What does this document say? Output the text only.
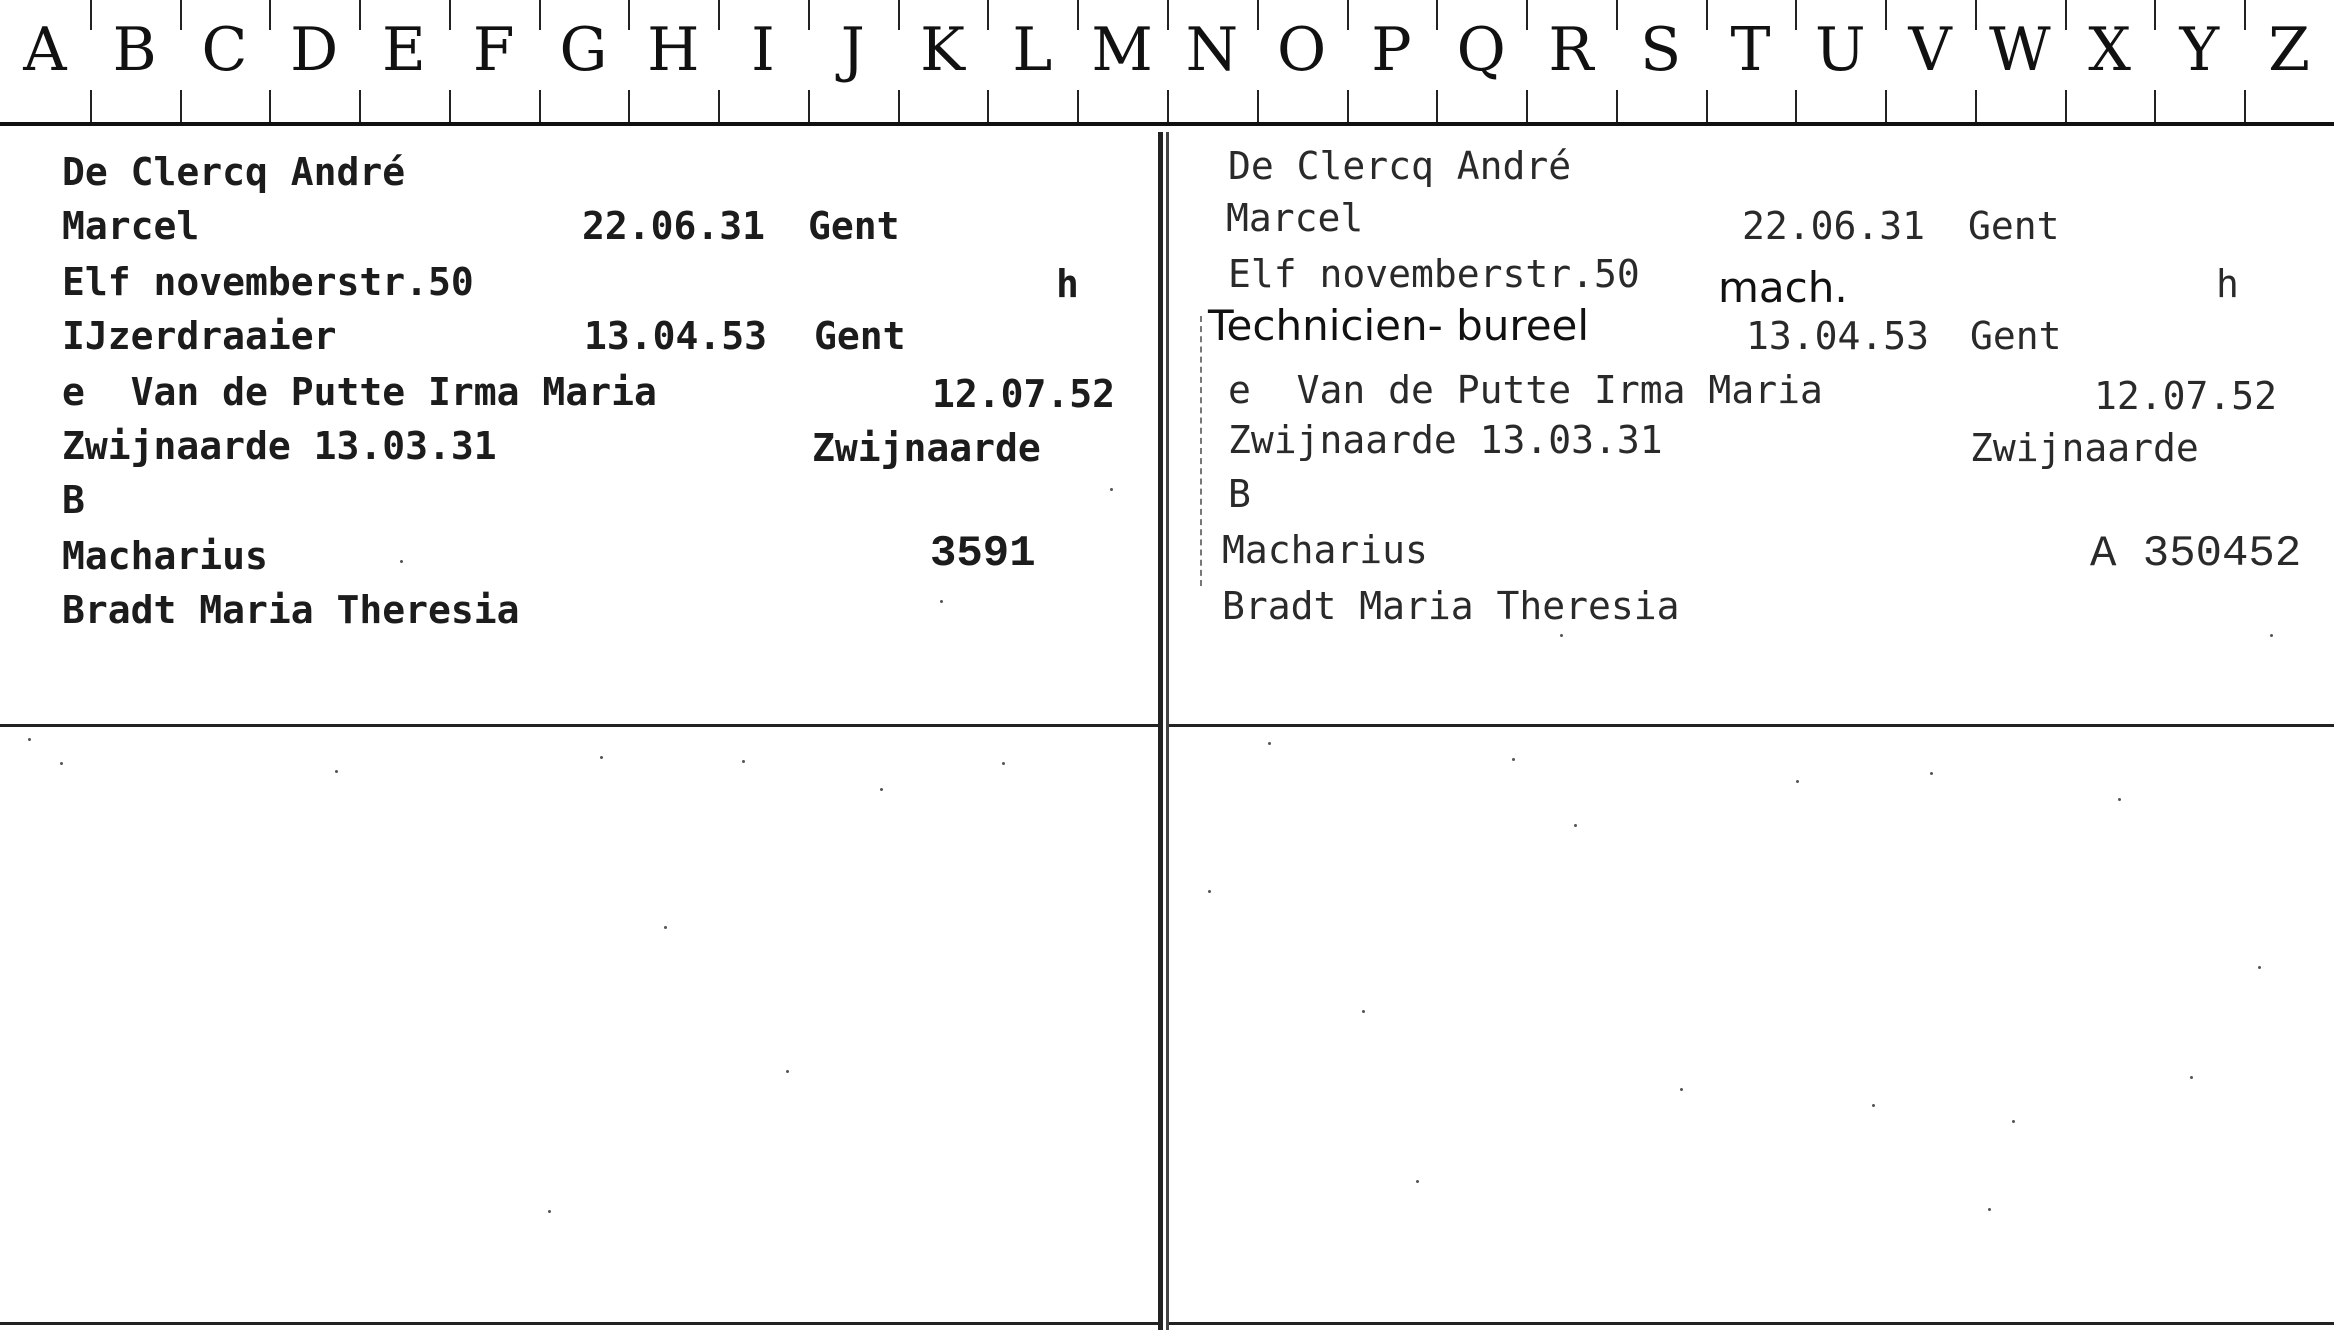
A B C D E F G H I	J K L M N O P Q R S T U V W X Y Z
De Clercq André
Marcel	22.06.31 Gent
Elf novemberstr.50	h
IJzerdraaier	13.04.53 Gent
e  Van de Putte Irma Maria	12.07.52
Zwijnaarde 13.03.31	Zwijnaarde
B
Macharius	3591
Bradt Maria Theresia
De Clercq André
Marcel	22.06.31 Gent
Elf novemberstr.50 mach.	h
Technicien- bureel	13.04.53 Gent
e  Van de Putte Irma Maria	12.07.52
Zwijnaarde 13.03.31	Zwijnaarde
B
Macharius	A 350452
Bradt Maria Theresia
